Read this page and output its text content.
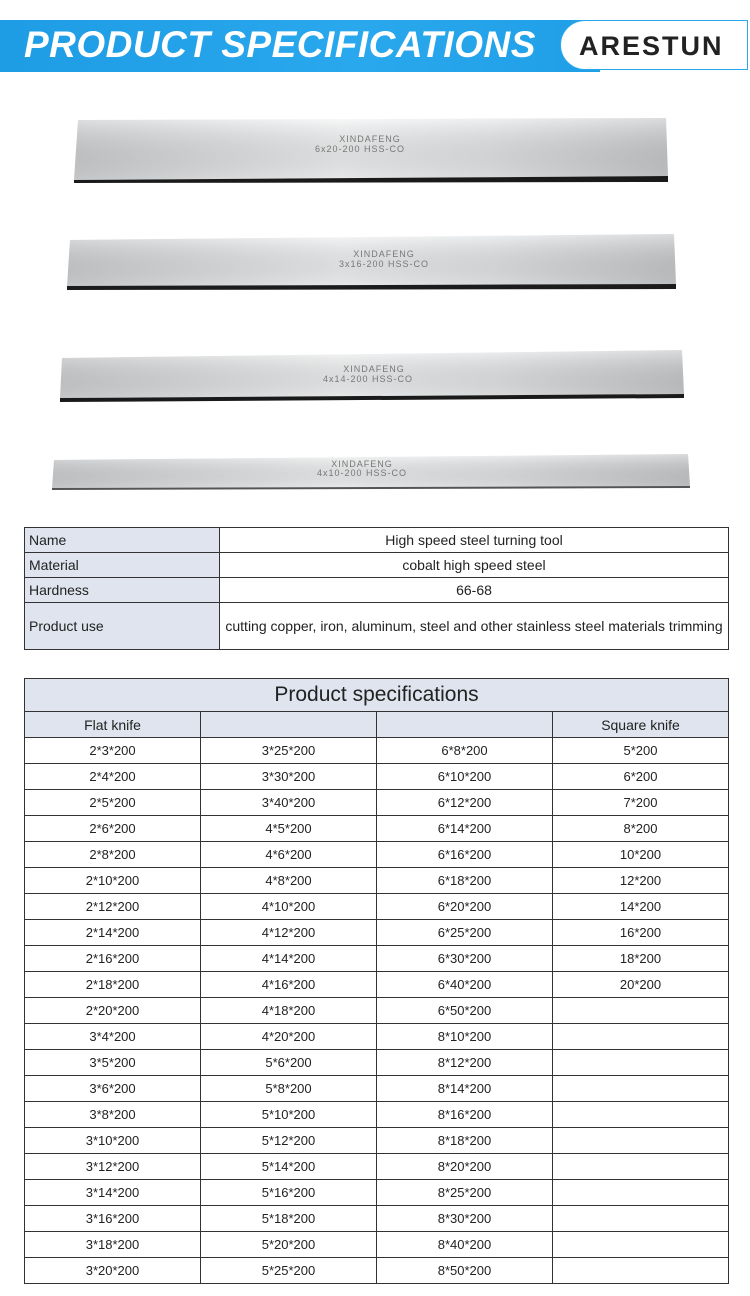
PRODUCT SPECIFICATIONS ARESTUN
XINDAFENG
6x20-200 HSS-CO
XINDAFENG
3x16-200 HSS-CO
XINDAFENG
4x14-200 HSS-CO
XINDAFENG
4x10-200 HSS-CO
Name	High speed steel turning tool
Material	cobalt high speed steel
Hardness	66-68
Product use	cutting copper, iron, aluminum, steel and other stainless steel materials trimming
Product specifications			
Flat knife			Square knife
2*3*200	3*25*200	6*8*200	5*200
2*4*200	3*30*200	6*10*200	6*200
2*5*200	3*40*200	6*12*200	7*200
2*6*200	4*5*200	6*14*200	8*200
2*8*200	4*6*200	6*16*200	10*200
2*10*200	4*8*200	6*18*200	12*200
2*12*200	4*10*200	6*20*200	14*200
2*14*200	4*12*200	6*25*200	16*200
2*16*200	4*14*200	6*30*200	18*200
2*18*200	4*16*200	6*40*200	20*200
2*20*200	4*18*200	6*50*200	
3*4*200	4*20*200	8*10*200	
3*5*200	5*6*200	8*12*200	
3*6*200	5*8*200	8*14*200	
3*8*200	5*10*200	8*16*200	
3*10*200	5*12*200	8*18*200	
3*12*200	5*14*200	8*20*200	
3*14*200	5*16*200	8*25*200	
3*16*200	5*18*200	8*30*200	
3*18*200	5*20*200	8*40*200	
3*20*200	5*25*200	8*50*200	
